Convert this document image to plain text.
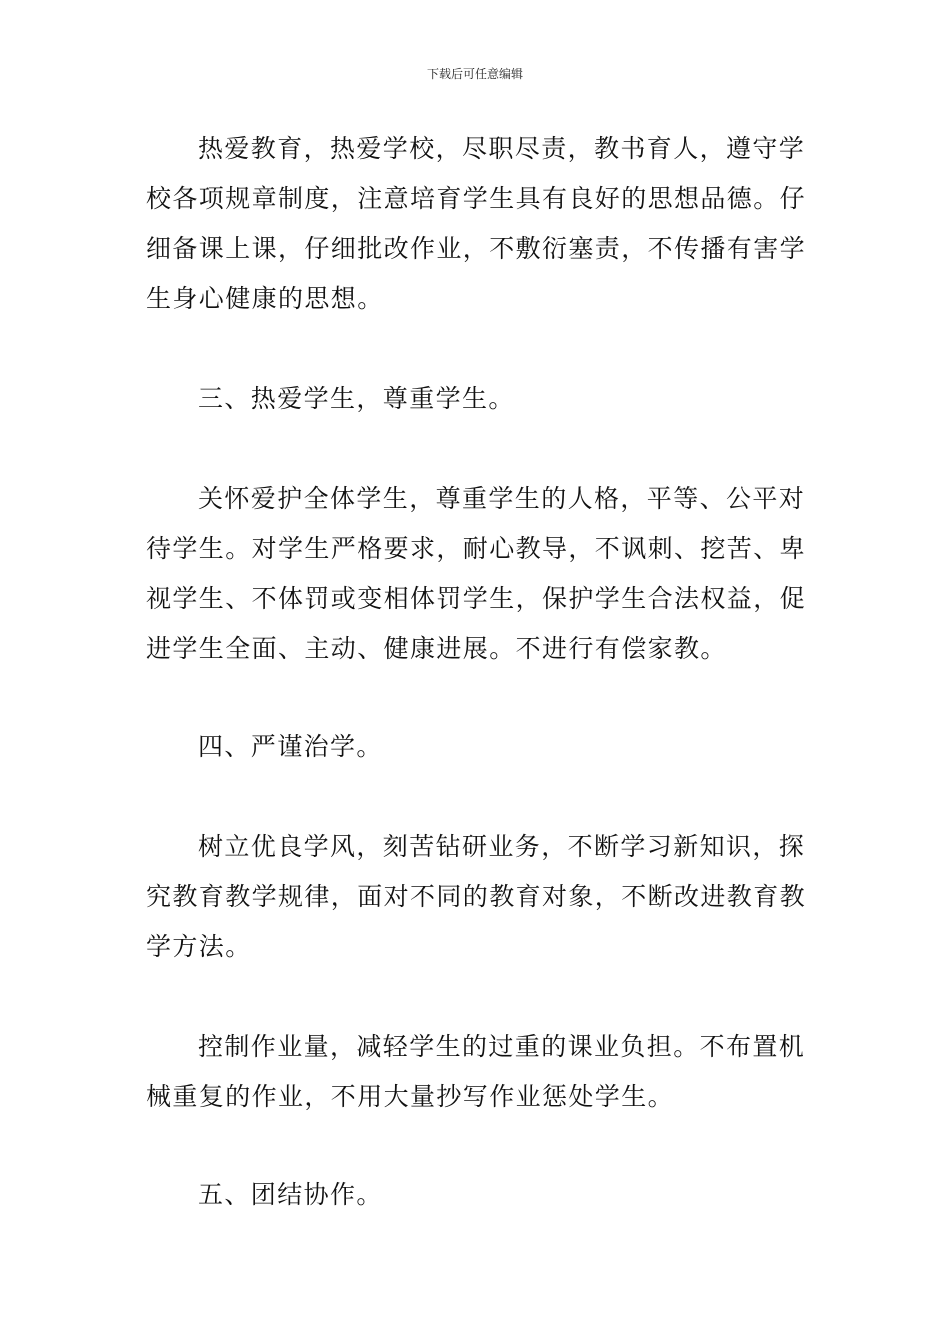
下载后可任意编辑

热爱教育，热爱学校，尽职尽责，教书育人，遵守学校各项规章制度，注意培育学生具有良好的思想品德。仔细备课上课，仔细批改作业，不敷衍塞责，不传播有害学生身心健康的思想。

三、热爱学生，尊重学生。

关怀爱护全体学生，尊重学生的人格，平等、公平对待学生。对学生严格要求，耐心教导，不讽刺、挖苦、卑视学生、不体罚或变相体罚学生，保护学生合法权益，促进学生全面、主动、健康进展。不进行有偿家教。

四、严谨治学。

树立优良学风，刻苦钻研业务，不断学习新知识，探究教育教学规律，面对不同的教育对象，不断改进教育教学方法。

控制作业量，减轻学生的过重的课业负担。不布置机械重复的作业，不用大量抄写作业惩处学生。

五、团结协作。
